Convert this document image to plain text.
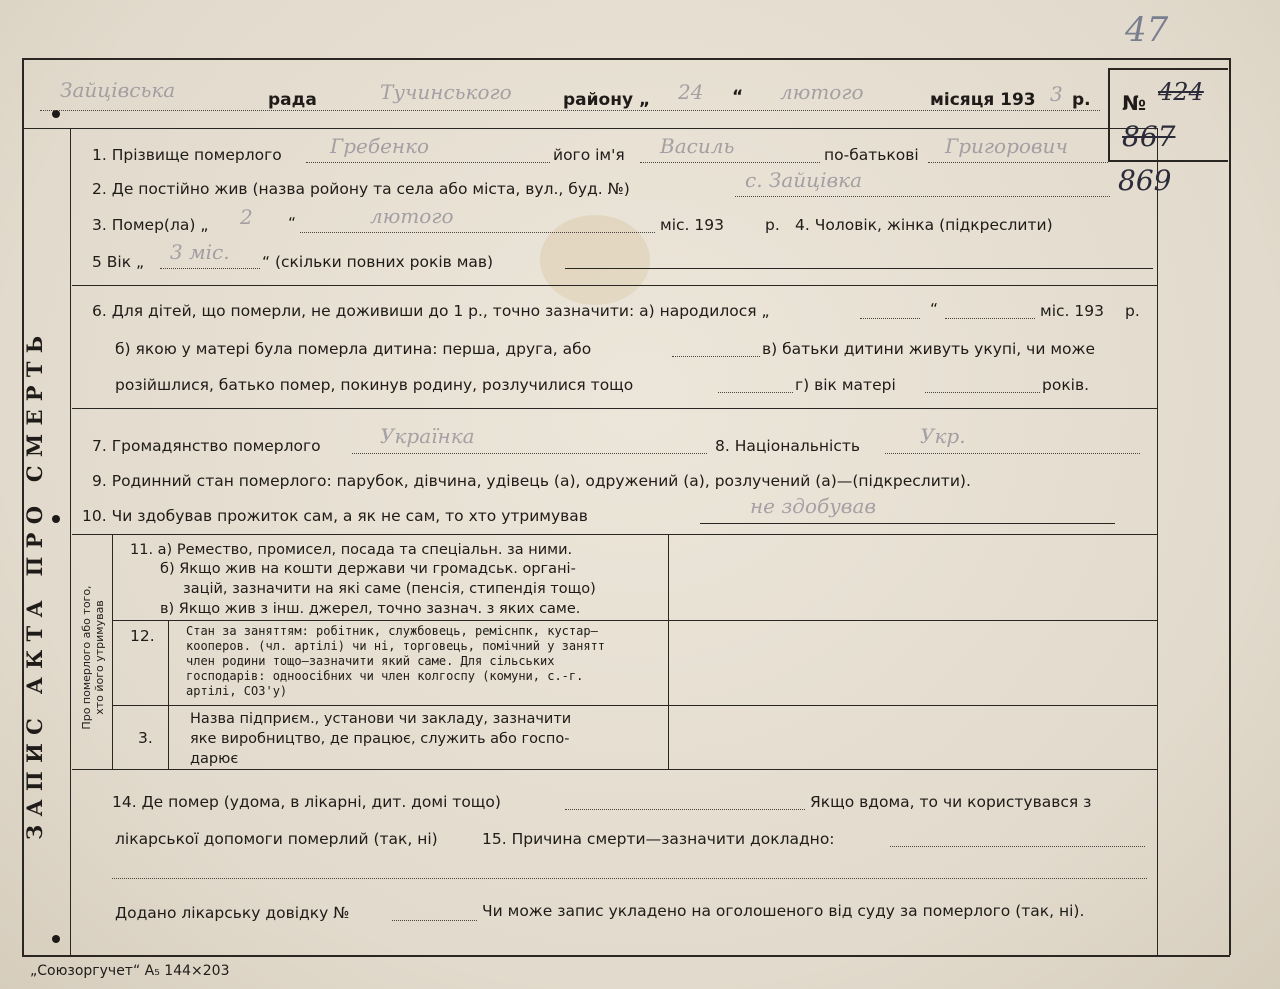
47
Зайцівська	рада	Тучинського	району „ 24 “ лютого	місяця 193 3 р. № 424
867
869
ЗАПИС АКТА ПРО СМЕРТЬ
1. Прізвище померлого Гребенко	його ім'я Василь	по-батькові Григорович
2. Де постійно жив (назва ройону та села або міста, вул., буд. №)	с. Зайцівка
3. Помер(ла) „ 2 “	лютого	міс. 193	р. 4. Чоловік, жінка (підкреслити)
5 Вік „ 3 міс. “ (скільки повних років мав)
6. Для дітей, що померли, не доживиши до 1 р., точно зазначити: а) народилося „	“	міс. 193 р.
б) якою у матері була померла дитина: перша, друга, або	в) батьки дитини живуть укупі, чи може
розійшлися, батько помер, покинув родину, розлучилися тощо	г) вік матері	років.
7. Громадянство померлого	Українка	8. Національність	Укр.
9. Родинний стан померлого: парубок, дівчина, удівець (а), одружений (а), розлучений (а)—(підкреслити).
10. Чи здобував прожиток сам, а як не сам, то хто утримував	не здобував
Про померлого або того, хто його утримував
11. а) Ремество, промисел, посада та спеціальн. за ними.
б) Якщо жив на кошти держави чи громадськ. органі-
зацій, зазначити на які саме (пенсія, стипендія тощо)
в) Якщо жив з інш. джерел, точно зазнач. з яких саме.
12.	Стан за заняттям: робітник, службовець, реміснпк, кустар—
кооперов. (чл. артілі) чи ні, торговець, помічний у занятт
член родини тощо—зазначити який саме. Для сільських
господарів: одноосібних чи член колгоспу (комуни, с.-г.
артілі, СОЗ'у)
3.
Назва підприєм., установи чи закладу, зазначити
яке виробництво, де працює, служить або госпо-
дарює
14. Де помер (удома, в лікарні, дит. домі тощо)	Якщо вдома, то чи користувався з
лікарської допомоги померлий (так, ні)	15. Причина смерти—зазначити докладно:
Додано лікарську довідку №	Чи може запис укладено на оголошеного від суду за померлого (так, ні).
„Союзоргучет“ А₅ 144×203
